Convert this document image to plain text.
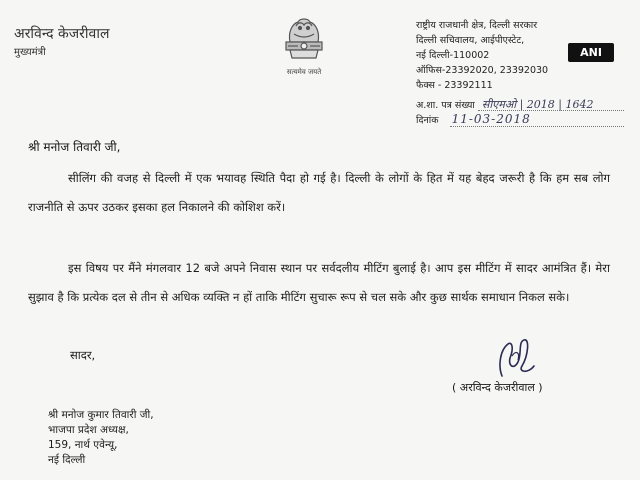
अरविन्द केजरीवाल
मुख्यमंत्री
सत्यमेव जयते
राष्ट्रीय राजधानी क्षेत्र, दिल्ली सरकार
दिल्ली सचिवालय, आईपीएस्टेट,
नई दिल्ली-110002
ऑफिस-23392020, 23392030
फैक्स - 23392111
ANI
अ.शा. पत्र संख्या सीएमओ | 2018 | 1642
दिनांक 11-03-2018
श्री मनोज तिवारी जी,
सीलिंग की वजह से दिल्ली में एक भयावह स्थिति पैदा हो गई है। दिल्ली के लोगों के हित में यह बेहद जरूरी है कि हम सब लोग राजनीति से ऊपर उठकर इसका हल निकालने की कोशिश करें।
इस विषय पर मैंने मंगलवार 12 बजे अपने निवास स्थान पर सर्वदलीय मीटिंग बुलाई है। आप इस मीटिंग में सादर आमंत्रित हैं। मेरा सुझाव है कि प्रत्येक दल से तीन से अधिक व्यक्ति न हों ताकि मीटिंग सुचारू रूप से चल सके और कुछ सार्थक समाधान निकल सके।
सादर,
( अरविन्द केजरीवाल )
श्री मनोज कुमार तिवारी जी,
भाजपा प्रदेश अध्यक्ष,
159, नार्थ एवेन्यू,
नई दिल्ली
